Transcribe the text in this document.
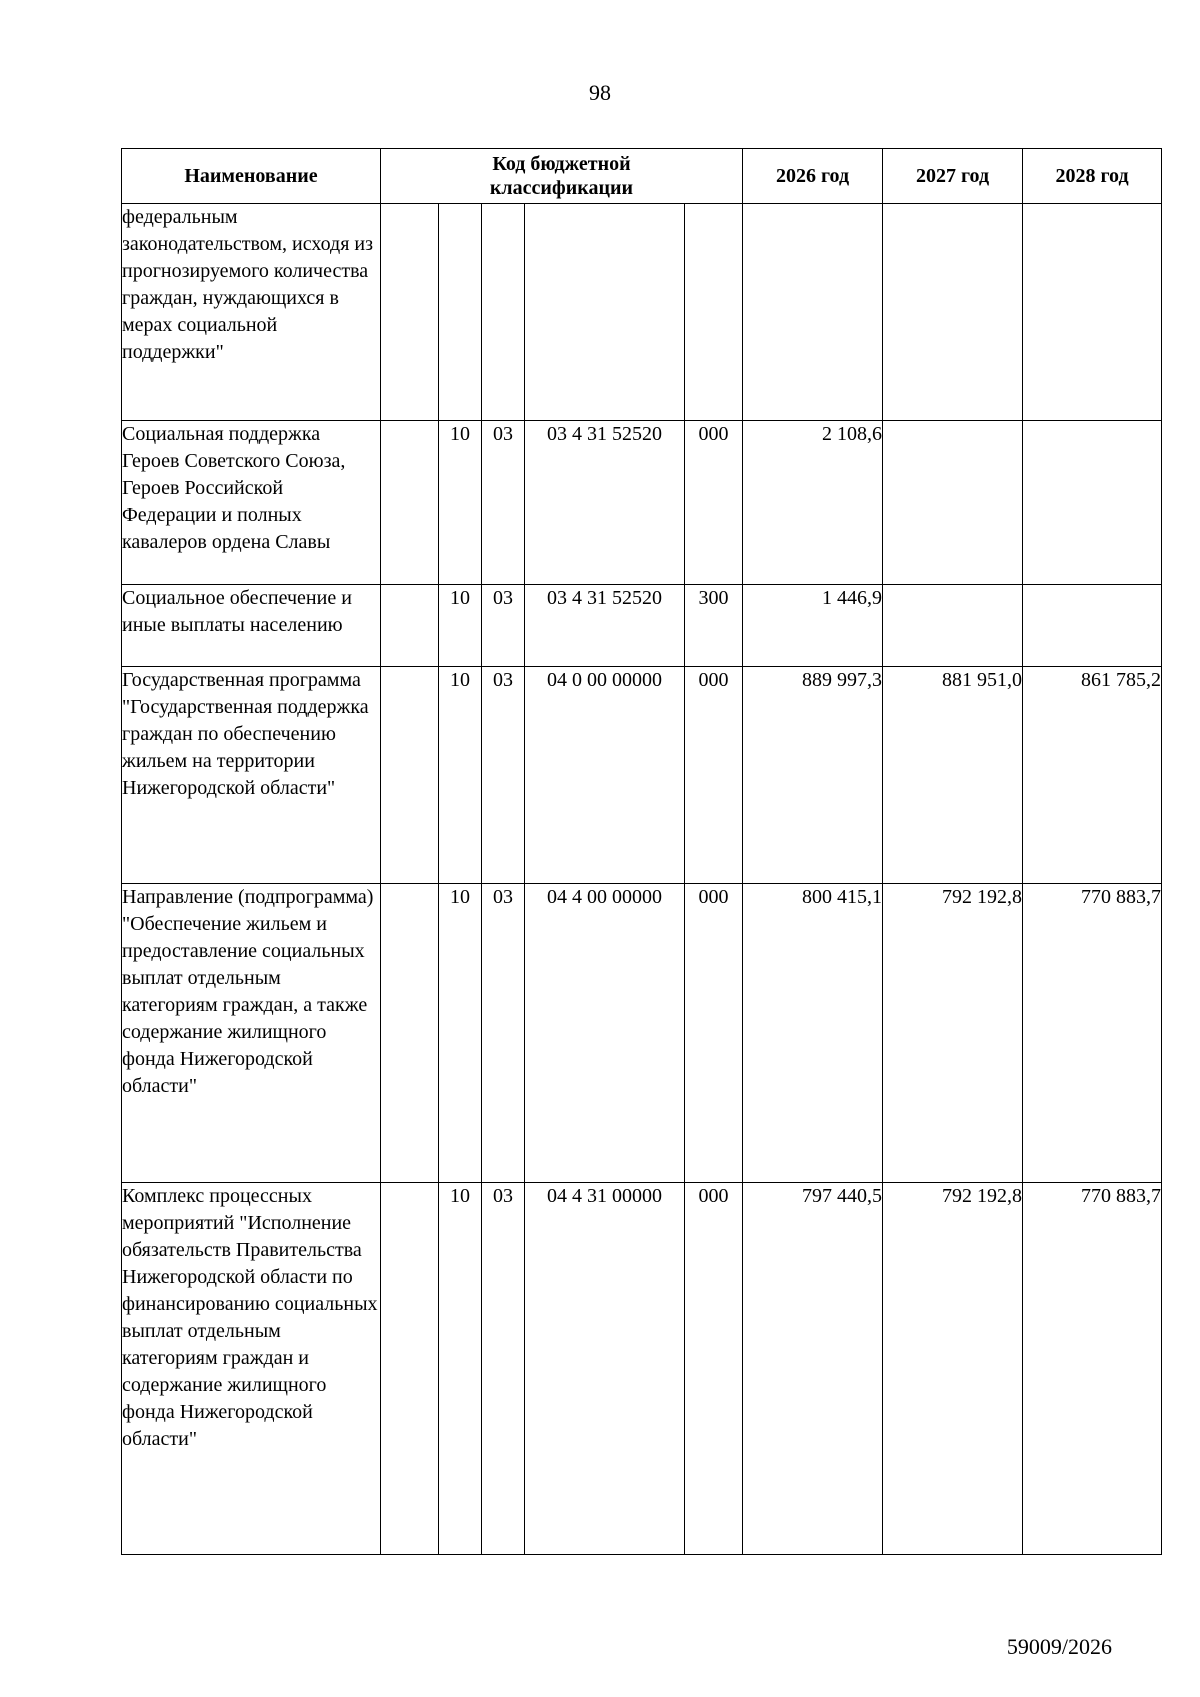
98
Наименование	Код бюджетной классификации					2026 год	2027 год	2028 год
федеральным законодательством, исходя из прогнозируемого количества граждан, нуждающихся в мерах социальной поддержки"								
Социальная поддержка Героев Советского Союза, Героев Российской Федерации и полных кавалеров ордена Славы		10	03	03 4 31 52520	000	2 108,6		
Социальное обеспечение и иные выплаты населению		10	03	03 4 31 52520	300	1 446,9		
Государственная программа "Государственная поддержка граждан по обеспечению жильем на территории Нижегородской области"		10	03	04 0 00 00000	000	889 997,3	881 951,0	861 785,2
Направление (подпрограмма) "Обеспечение жильем и предоставление социальных выплат отдельным категориям граждан, а также содержание жилищного фонда Нижегородской области"		10	03	04 4 00 00000	000	800 415,1	792 192,8	770 883,7
Комплекс процессных мероприятий "Исполнение обязательств Правительства Нижегородской области по финансированию социальных выплат отдельным категориям граждан и содержание жилищного фонда Нижегородской области"		10	03	04 4 31 00000	000	797 440,5	792 192,8	770 883,7
59009/2026
